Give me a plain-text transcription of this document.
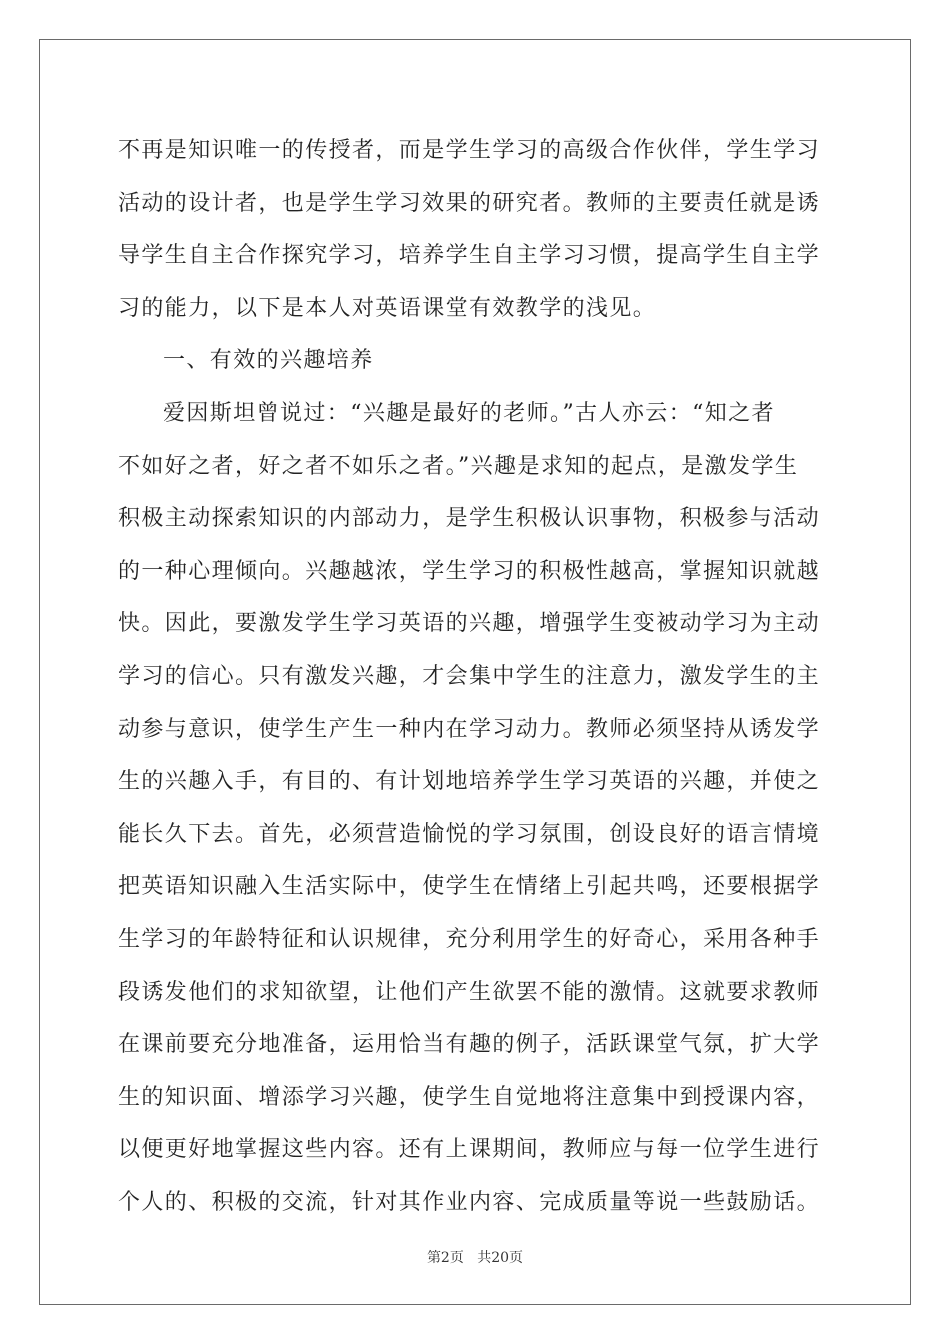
不再是知识唯一的传授者，而是学生学习的高级合作伙伴，学生学习
活动的设计者，也是学生学习效果的研究者。教师的主要责任就是诱
导学生自主合作探究学习，培养学生自主学习习惯，提高学生自主学
习的能力，以下是本人对英语课堂有效教学的浅见。
一、有效的兴趣培养
爱因斯坦曾说过：“兴趣是最好的老师。”古人亦云：“知之者
不如好之者，好之者不如乐之者。”兴趣是求知的起点，是激发学生
积极主动探索知识的内部动力，是学生积极认识事物，积极参与活动
的一种心理倾向。兴趣越浓，学生学习的积极性越高，掌握知识就越
快。因此，要激发学生学习英语的兴趣，增强学生变被动学习为主动
学习的信心。只有激发兴趣，才会集中学生的注意力，激发学生的主
动参与意识，使学生产生一种内在学习动力。教师必须坚持从诱发学
生的兴趣入手，有目的、有计划地培养学生学习英语的兴趣，并使之
能长久下去。首先，必须营造愉悦的学习氛围，创设良好的语言情境
把英语知识融入生活实际中，使学生在情绪上引起共鸣，还要根据学
生学习的年龄特征和认识规律，充分利用学生的好奇心，采用各种手
段诱发他们的求知欲望，让他们产生欲罢不能的激情。这就要求教师
在课前要充分地准备，运用恰当有趣的例子，活跃课堂气氛，扩大学
生的知识面、增添学习兴趣，使学生自觉地将注意集中到授课内容，
以便更好地掌握这些内容。还有上课期间，教师应与每一位学生进行
个人的、积极的交流，针对其作业内容、完成质量等说一些鼓励话。
第2页 共20页
